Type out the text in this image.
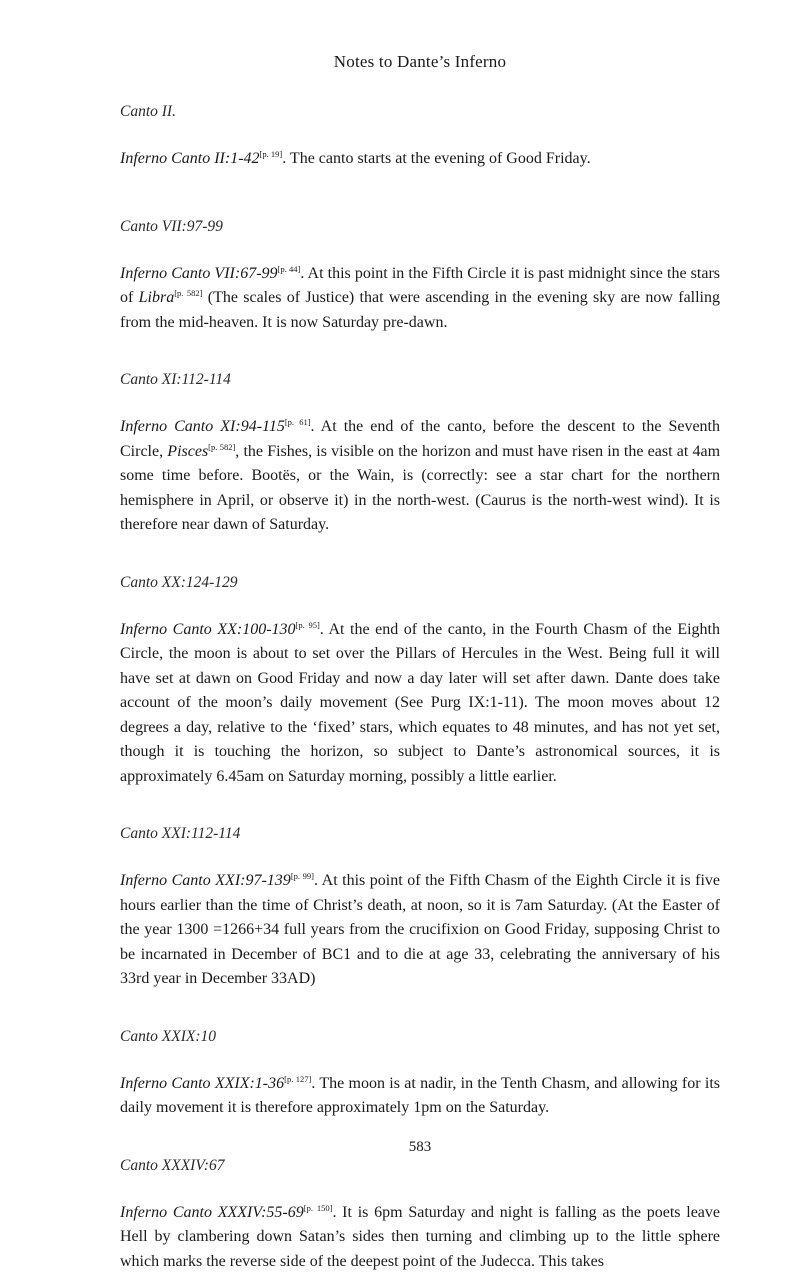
Notes to Dante’s Inferno

Canto II.

Inferno Canto II:1-42[p. 19]. The canto starts at the evening of Good Friday.

Canto VII:97-99

Inferno Canto VII:67-99[p. 44]. At this point in the Fifth Circle it is past midnight since the stars of Libra[p. 582] (The scales of Justice) that were ascending in the evening sky are now falling from the mid-heaven. It is now Saturday pre-dawn.

Canto XI:112-114

Inferno Canto XI:94-115[p. 61]. At the end of the canto, before the descent to the Seventh Circle, Pisces[p. 582], the Fishes, is visible on the horizon and must have risen in the east at 4am some time before. Bootës, or the Wain, is (correctly: see a star chart for the northern hemisphere in April, or observe it) in the north-west. (Caurus is the north-west wind). It is therefore near dawn of Saturday.

Canto XX:124-129

Inferno Canto XX:100-130[p. 95]. At the end of the canto, in the Fourth Chasm of the Eighth Circle, the moon is about to set over the Pillars of Hercules in the West. Being full it will have set at dawn on Good Friday and now a day later will set after dawn. Dante does take account of the moon’s daily movement (See Purg IX:1-11). The moon moves about 12 degrees a day, relative to the ‘fixed’ stars, which equates to 48 minutes, and has not yet set, though it is touching the horizon, so subject to Dante’s astronomical sources, it is approximately 6.45am on Saturday morning, possibly a little earlier.

Canto XXI:112-114

Inferno Canto XXI:97-139[p. 99]. At this point of the Fifth Chasm of the Eighth Circle it is five hours earlier than the time of Christ’s death, at noon, so it is 7am Saturday. (At the Easter of the year 1300 =1266+34 full years from the crucifixion on Good Friday, supposing Christ to be incarnated in December of BC1 and to die at age 33, celebrating the anniversary of his 33rd year in December 33AD)

Canto XXIX:10

Inferno Canto XXIX:1-36[p. 127]. The moon is at nadir, in the Tenth Chasm, and allowing for its daily movement it is therefore approximately 1pm on the Saturday.

Canto XXXIV:67

Inferno Canto XXXIV:55-69[p. 150]. It is 6pm Saturday and night is falling as the poets leave Hell by clambering down Satan’s sides then turning and climbing up to the little sphere which marks the reverse side of the deepest point of the Judecca. This takes

583
